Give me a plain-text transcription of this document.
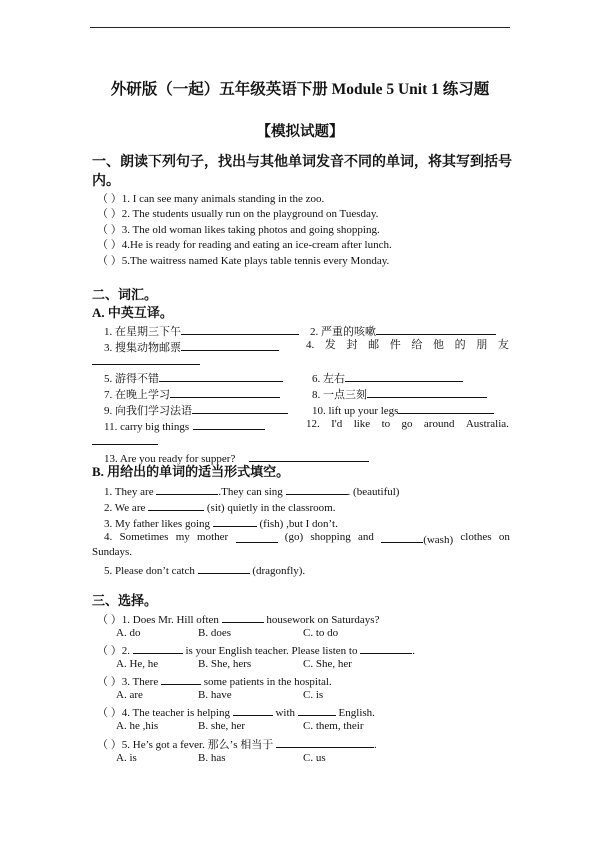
外研版（一起）五年级英语下册 Module 5 Unit 1 练习题
【模拟试题】
一、朗读下列句子，找出与其他单词发音不同的单词，将其写到括号
内。
（ ）1. I can see many animals standing in the zoo.
（ ）2. The students usually run on the playground on Tuesday.
（ ）3. The old woman likes taking photos and going shopping.
（ ）4.He is ready for reading and eating an ice-cream after lunch.
（ ）5.The waitress named Kate plays table tennis every Monday.
二、词汇。
A. 中英互译。
1. 在星期三下午	2. 严重的咳嗽
3. 搜集动物邮票	4. 发 封 邮 件 给 他 的 朋 友
5. 游得不错	6. 左右
7. 在晚上学习	8. 一点三刻
9. 向我们学习法语	10. lift up your legs
11. carry big things	12. I'd like to go around Australia.
13. Are you ready for supper?
B. 用给出的单词的适当形式填空。
1. They are	.They can sing	. (beautiful)
2. We are	(sit) quietly in the classroom.
3. My father likes going	(fish) ,but I don’t.
4. Sometimes my mother	(go) shopping and	(wash) clothes on
Sundays.
5. Please don’t catch	(dragonfly).
三、选择。
（ ）1. Does Mr. Hill often	housework on Saturdays?
A. do	B. does	C. to do
（ ）2.	is your English teacher. Please listen to	.
A. He, he	B. She, hers	C. She, her
（ ）3. There	some patients in the hospital.
A. are	B. have	C. is
（ ）4. The teacher is helping	with	English.
A. he ,his	B. she, her	C. them, their
（ ）5. He’s got a fever. 那么’s 相当于	.
A. is	B. has	C. us
